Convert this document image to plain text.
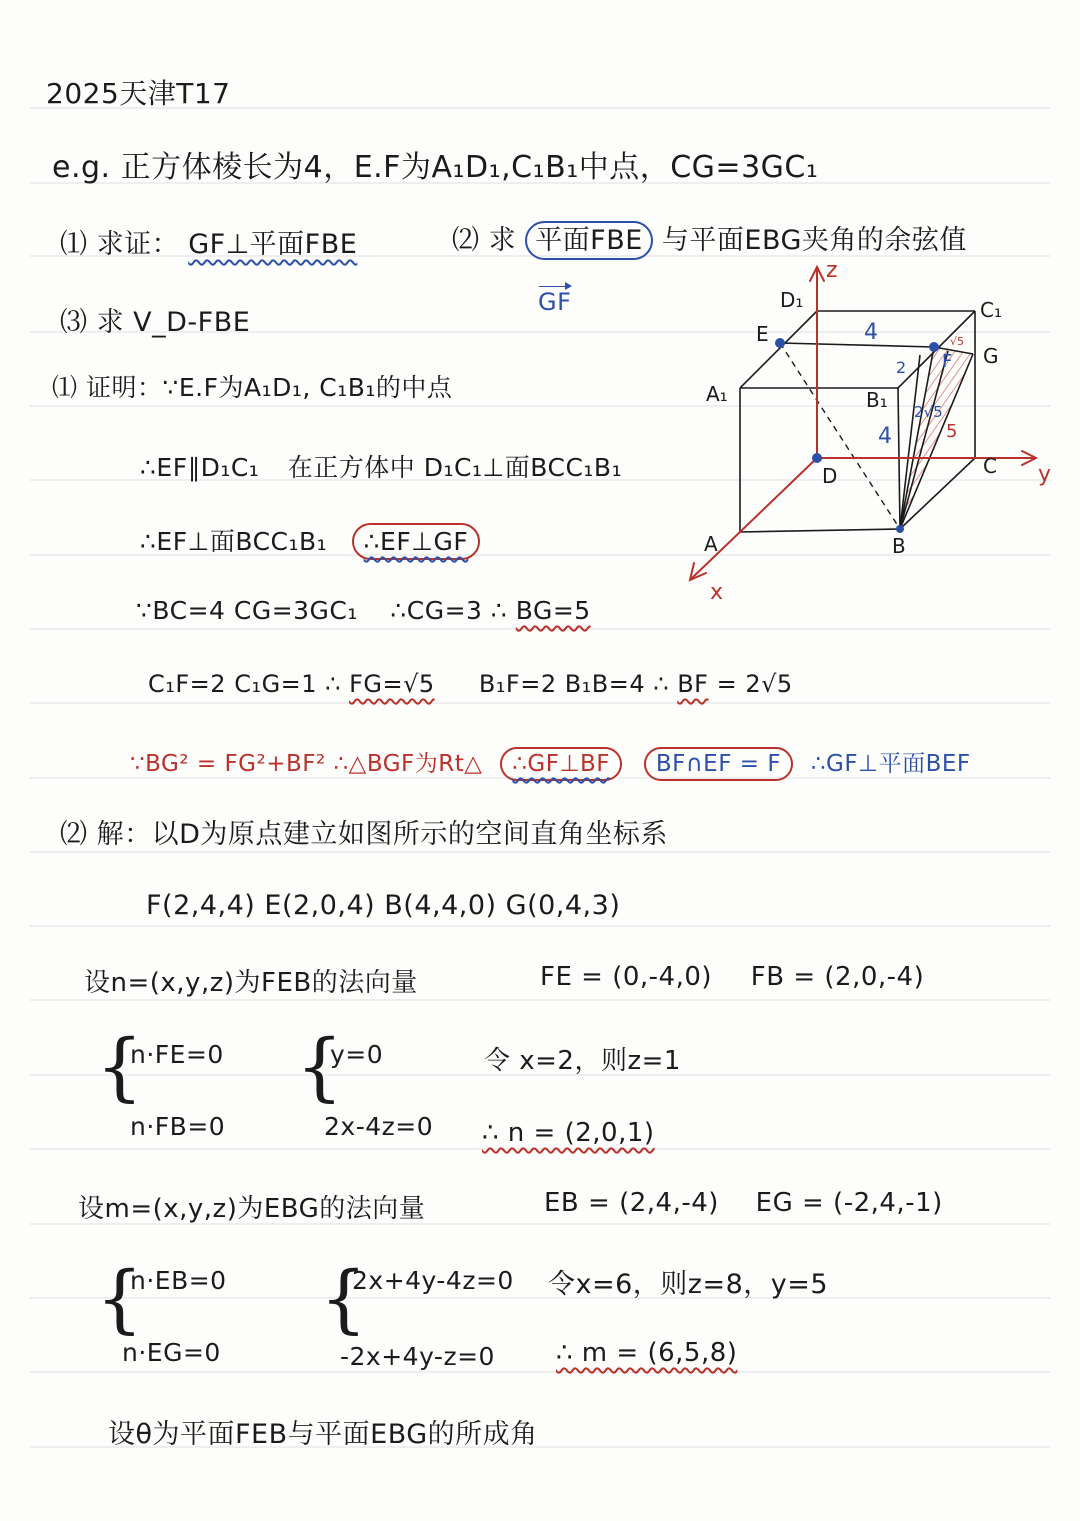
2025天津T17
e.g. 正方体棱长为4，E.F为A₁D₁,C₁B₁中点，CG=3GC₁
⑴ 求证： GF⊥平面FBE	⑵ 求 平面FBE 与平面EBG夹角的余弦值
GF
⑶ 求 V_D-FBE
⑴ 证明：∵E.F为A₁D₁, C₁B₁的中点
∴EF∥D₁C₁ 在正方体中 D₁C₁⊥面BCC₁B₁
∴EF⊥面BCC₁B₁ ∴EF⊥GF
∵BC=4 CG=3GC₁ ∴CG=3 ∴ BG=5
C₁F=2 C₁G=1 ∴ FG=√5 B₁F=2 B₁B=4 ∴ BF = 2√5
∵BG² = FG²+BF² ∴△BGF为Rt△ ∴GF⊥BF BF∩EF = F ∴GF⊥平面BEF
⑵ 解：以D为原点建立如图所示的空间直角坐标系
F(2,4,4) E(2,0,4) B(4,4,0) G(0,4,3)
设n=(x,y,z)为FEB的法向量	FE = (0,-4,0) FB = (2,0,-4)
{
n·FE=0
n·FB=0
{
y=0
2x-4z=0
令 x=2，则z=1
∴ n = (2,0,1)
设m=(x,y,z)为EBG的法向量	EB = (2,4,-4) EG = (-2,4,-1)
{
n·EB=0
n·EG=0
{
2x+4y-4z=0
-2x+4y-z=0
令x=6，则z=8，y=5
∴ m = (6,5,8)
设θ为平面FEB与平面EBG的所成角
D₁	C₁
E
G
A₁	B₁
D	C
A	B
z
y
x
4
2
4
2√5
F
5
√5
